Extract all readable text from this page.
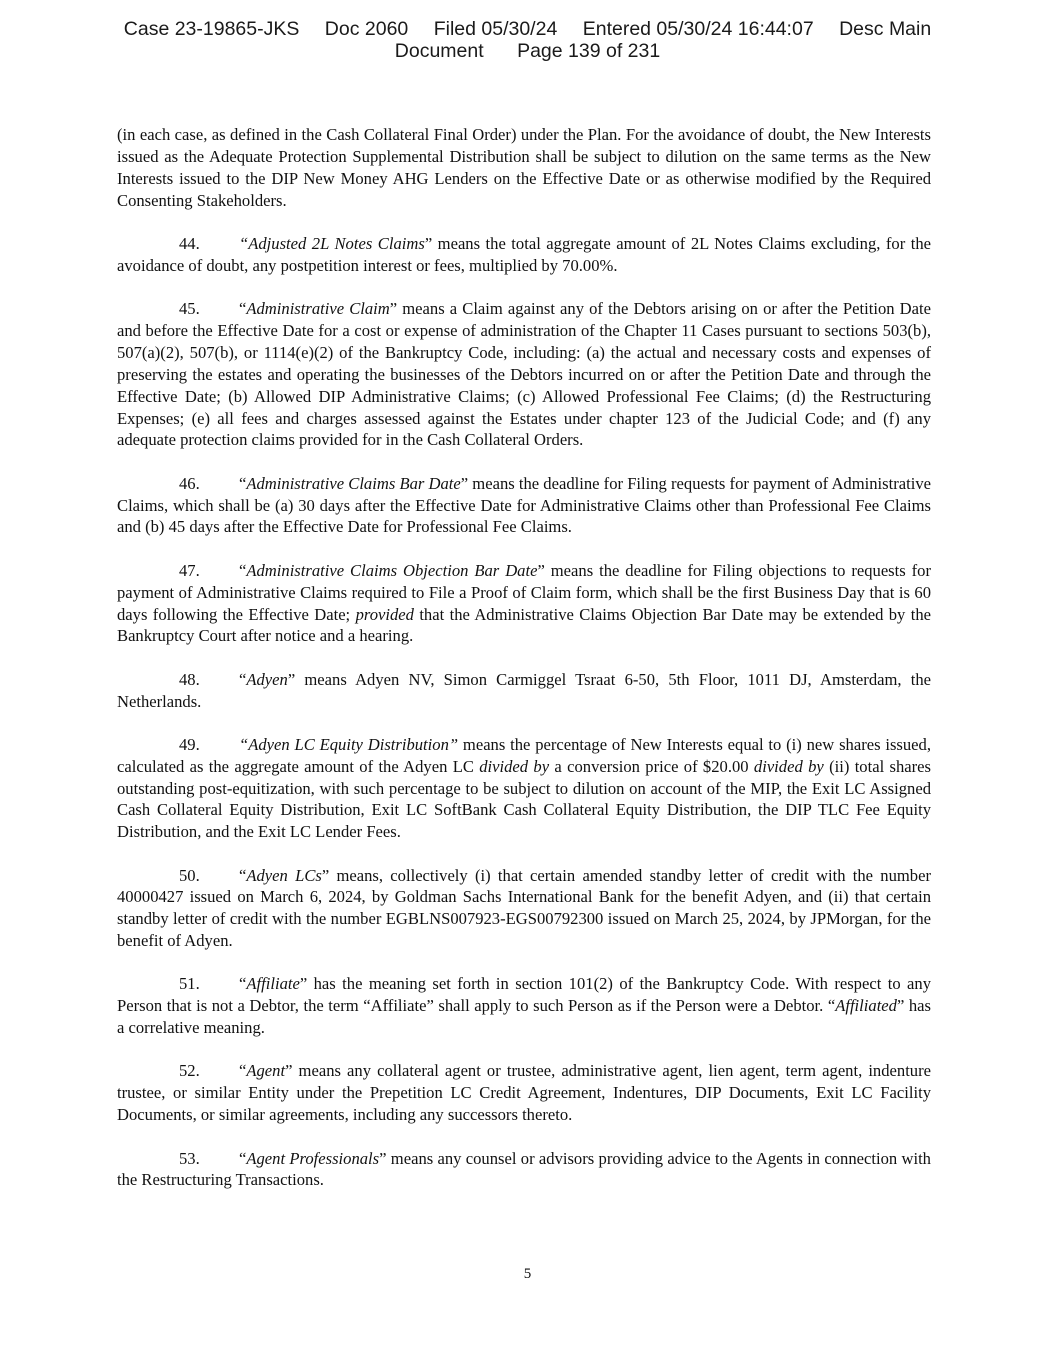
Case 23-19865-JKS Doc 2060 Filed 05/30/24 Entered 05/30/24 16:44:07 Desc Main
Document Page 139 of 231

(in each case, as defined in the Cash Collateral Final Order) under the Plan. For the avoidance of doubt, the New Interests issued as the Adequate Protection Supplemental Distribution shall be subject to dilution on the same terms as the New Interests issued to the DIP New Money AHG Lenders on the Effective Date or as otherwise modified by the Required Consenting Stakeholders.

44. “Adjusted 2L Notes Claims” means the total aggregate amount of 2L Notes Claims excluding, for the avoidance of doubt, any postpetition interest or fees, multiplied by 70.00%.

45. “Administrative Claim” means a Claim against any of the Debtors arising on or after the Petition Date and before the Effective Date for a cost or expense of administration of the Chapter 11 Cases pursuant to sections 503(b), 507(a)(2), 507(b), or 1114(e)(2) of the Bankruptcy Code, including: (a) the actual and necessary costs and expenses of preserving the estates and operating the businesses of the Debtors incurred on or after the Petition Date and through the Effective Date; (b) Allowed DIP Administrative Claims; (c) Allowed Professional Fee Claims; (d) the Restructuring Expenses; (e) all fees and charges assessed against the Estates under chapter 123 of the Judicial Code; and (f) any adequate protection claims provided for in the Cash Collateral Orders.

46. “Administrative Claims Bar Date” means the deadline for Filing requests for payment of Administrative Claims, which shall be (a) 30 days after the Effective Date for Administrative Claims other than Professional Fee Claims and (b) 45 days after the Effective Date for Professional Fee Claims.

47. “Administrative Claims Objection Bar Date” means the deadline for Filing objections to requests for payment of Administrative Claims required to File a Proof of Claim form, which shall be the first Business Day that is 60 days following the Effective Date; provided that the Administrative Claims Objection Bar Date may be extended by the Bankruptcy Court after notice and a hearing.

48. “Adyen” means Adyen NV, Simon Carmiggel Tsraat 6-50, 5th Floor, 1011 DJ, Amsterdam, the Netherlands.

49. “Adyen LC Equity Distribution” means the percentage of New Interests equal to (i) new shares issued, calculated as the aggregate amount of the Adyen LC divided by a conversion price of $20.00 divided by (ii) total shares outstanding post-equitization, with such percentage to be subject to dilution on account of the MIP, the Exit LC Assigned Cash Collateral Equity Distribution, Exit LC SoftBank Cash Collateral Equity Distribution, the DIP TLC Fee Equity Distribution, and the Exit LC Lender Fees.

50. “Adyen LCs” means, collectively (i) that certain amended standby letter of credit with the number 40000427 issued on March 6, 2024, by Goldman Sachs International Bank for the benefit Adyen, and (ii) that certain standby letter of credit with the number EGBLNS007923-EGS00792300 issued on March 25, 2024, by JPMorgan, for the benefit of Adyen.

51. “Affiliate” has the meaning set forth in section 101(2) of the Bankruptcy Code. With respect to any Person that is not a Debtor, the term “Affiliate” shall apply to such Person as if the Person were a Debtor. “Affiliated” has a correlative meaning.

52. “Agent” means any collateral agent or trustee, administrative agent, lien agent, term agent, indenture trustee, or similar Entity under the Prepetition LC Credit Agreement, Indentures, DIP Documents, Exit LC Facility Documents, or similar agreements, including any successors thereto.

53. “Agent Professionals” means any counsel or advisors providing advice to the Agents in connection with the Restructuring Transactions.

5
